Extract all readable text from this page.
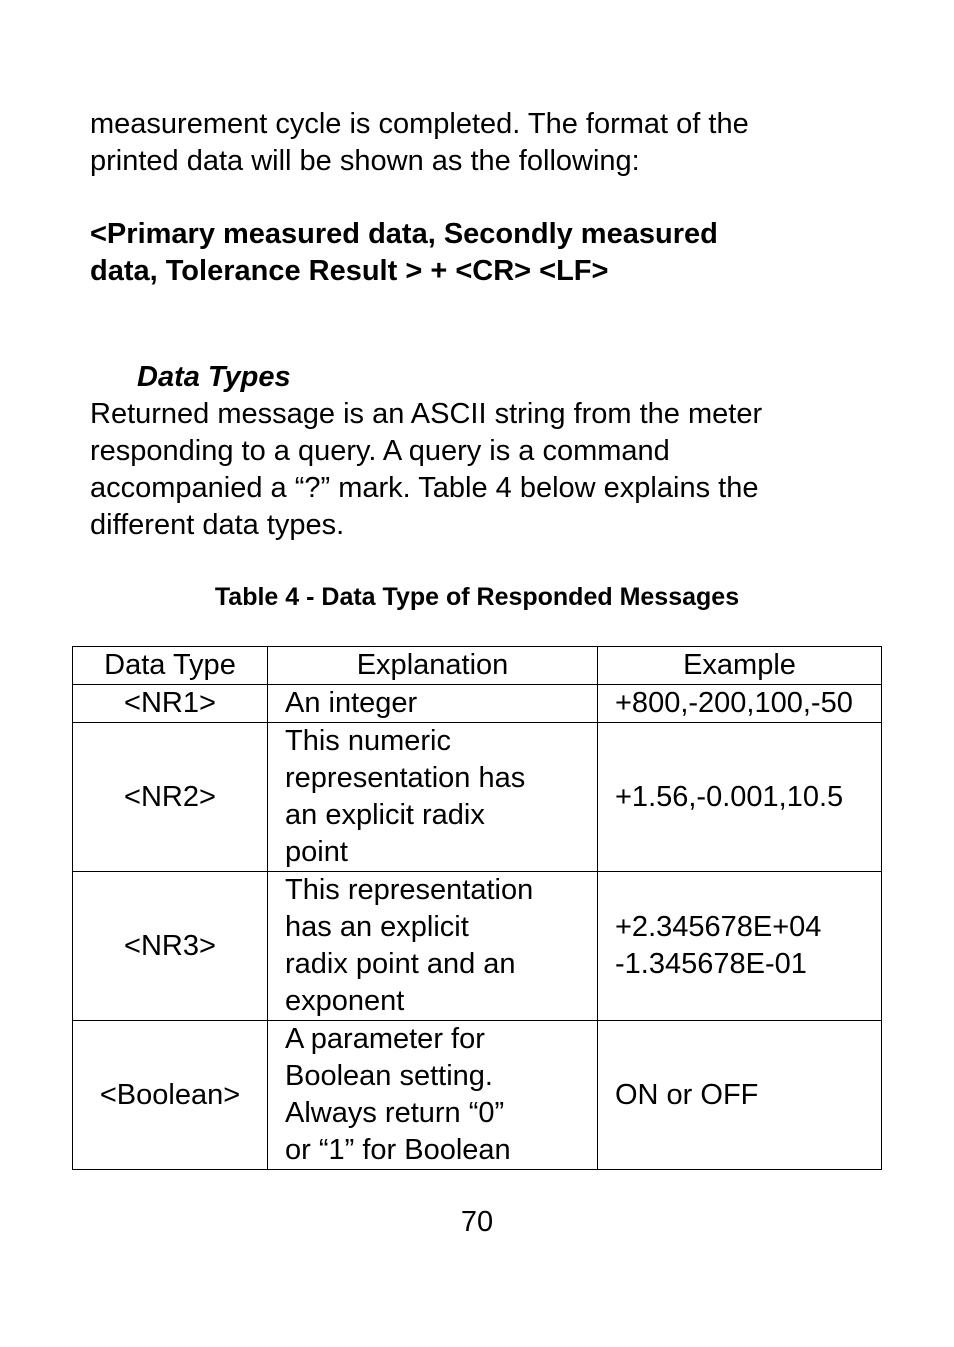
measurement cycle is completed. The format of the
printed data will be shown as the following:

<Primary measured data, Secondly measured
data, Tolerance Result > + <CR> <LF>

Data Types

Returned message is an ASCII string from the meter
responding to a query. A query is a command
accompanied a “?” mark. Table 4 below explains the
different data types.

Table 4 - Data Type of Responded Messages

Data Type	Explanation	Example
<NR1>	An integer	+800,-200,100,-50

<NR2>	This numeric
representation has
an explicit radix
point	+1.56,-0.001,10.5

<NR3>	This representation
has an explicit
radix point and an
exponent	+2.345678E+04
-1.345678E-01

<Boolean>	A parameter for
Boolean setting.
Always return “0”
or “1” for Boolean	ON or OFF

70
